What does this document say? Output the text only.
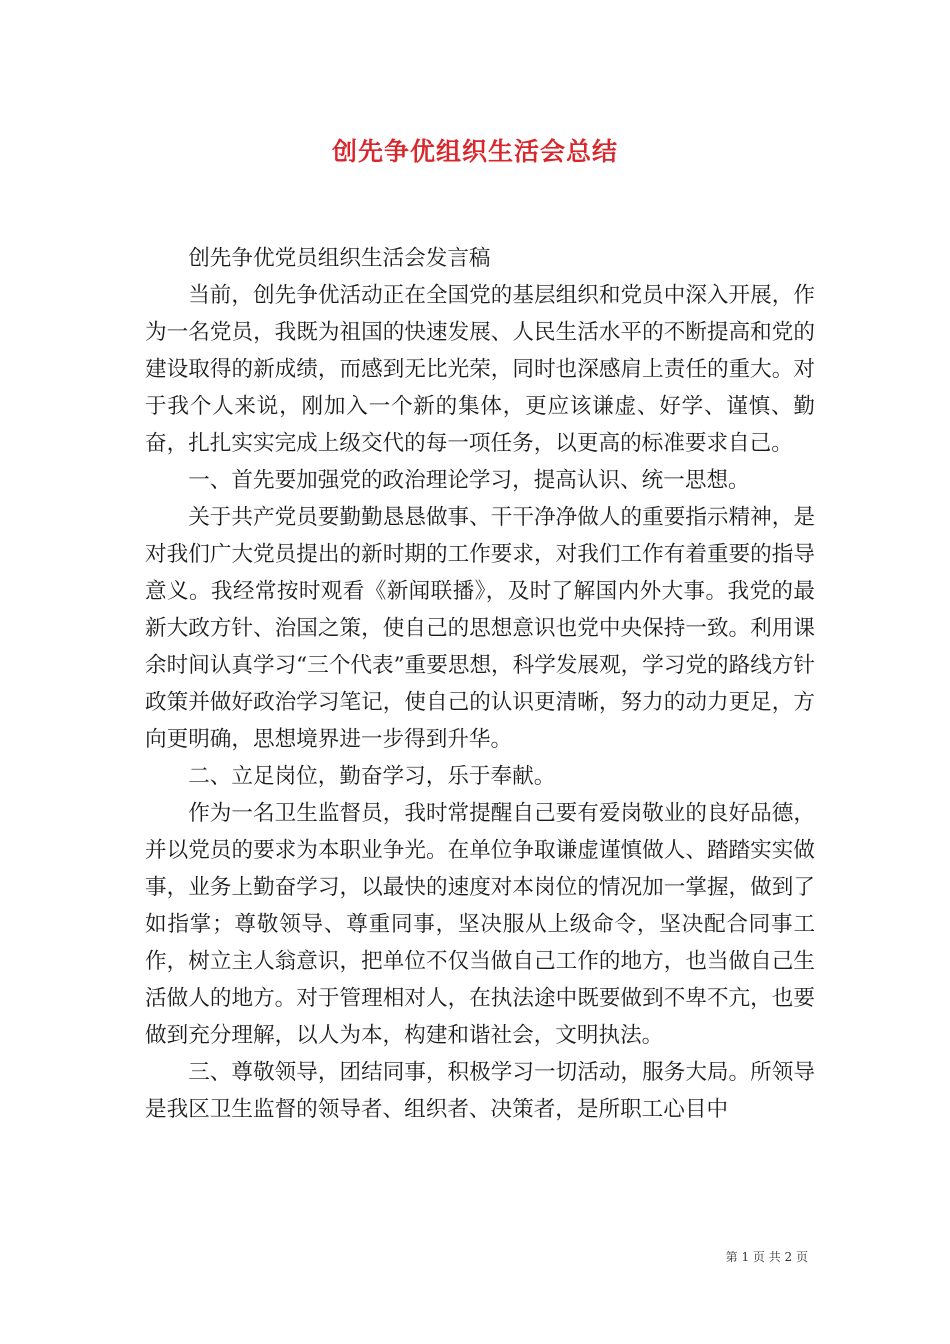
创先争优组织生活会总结

创先争优党员组织生活会发言稿

当前，创先争优活动正在全国党的基层组织和党员中深入开展，作为一名党员，我既为祖国的快速发展、人民生活水平的不断提高和党的建设取得的新成绩，而感到无比光荣，同时也深感肩上责任的重大。对于我个人来说，刚加入一个新的集体，更应该谦虚、好学、谨慎、勤奋，扎扎实实完成上级交代的每一项任务，以更高的标准要求自己。

一、首先要加强党的政治理论学习，提高认识、统一思想。

关于共产党员要勤勤恳恳做事、干干净净做人的重要指示精神，是对我们广大党员提出的新时期的工作要求，对我们工作有着重要的指导意义。我经常按时观看《新闻联播》，及时了解国内外大事。我党的最新大政方针、治国之策，使自己的思想意识也党中央保持一致。利用课余时间认真学习“三个代表”重要思想，科学发展观，学习党的路线方针政策并做好政治学习笔记，使自己的认识更清晰，努力的动力更足，方向更明确，思想境界进一步得到升华。

二、立足岗位，勤奋学习，乐于奉献。

作为一名卫生监督员，我时常提醒自己要有爱岗敬业的良好品德，并以党员的要求为本职业争光。在单位争取谦虚谨慎做人、踏踏实实做事，业务上勤奋学习，以最快的速度对本岗位的情况加一掌握，做到了如指掌；尊敬领导、尊重同事，坚决服从上级命令，坚决配合同事工作，树立主人翁意识，把单位不仅当做自己工作的地方，也当做自己生活做人的地方。对于管理相对人，在执法途中既要做到不卑不亢，也要做到充分理解，以人为本，构建和谐社会，文明执法。

三、尊敬领导，团结同事，积极学习一切活动，服务大局。所领导是我区卫生监督的领导者、组织者、决策者，是所职工心目中

第 1 页 共 2 页
